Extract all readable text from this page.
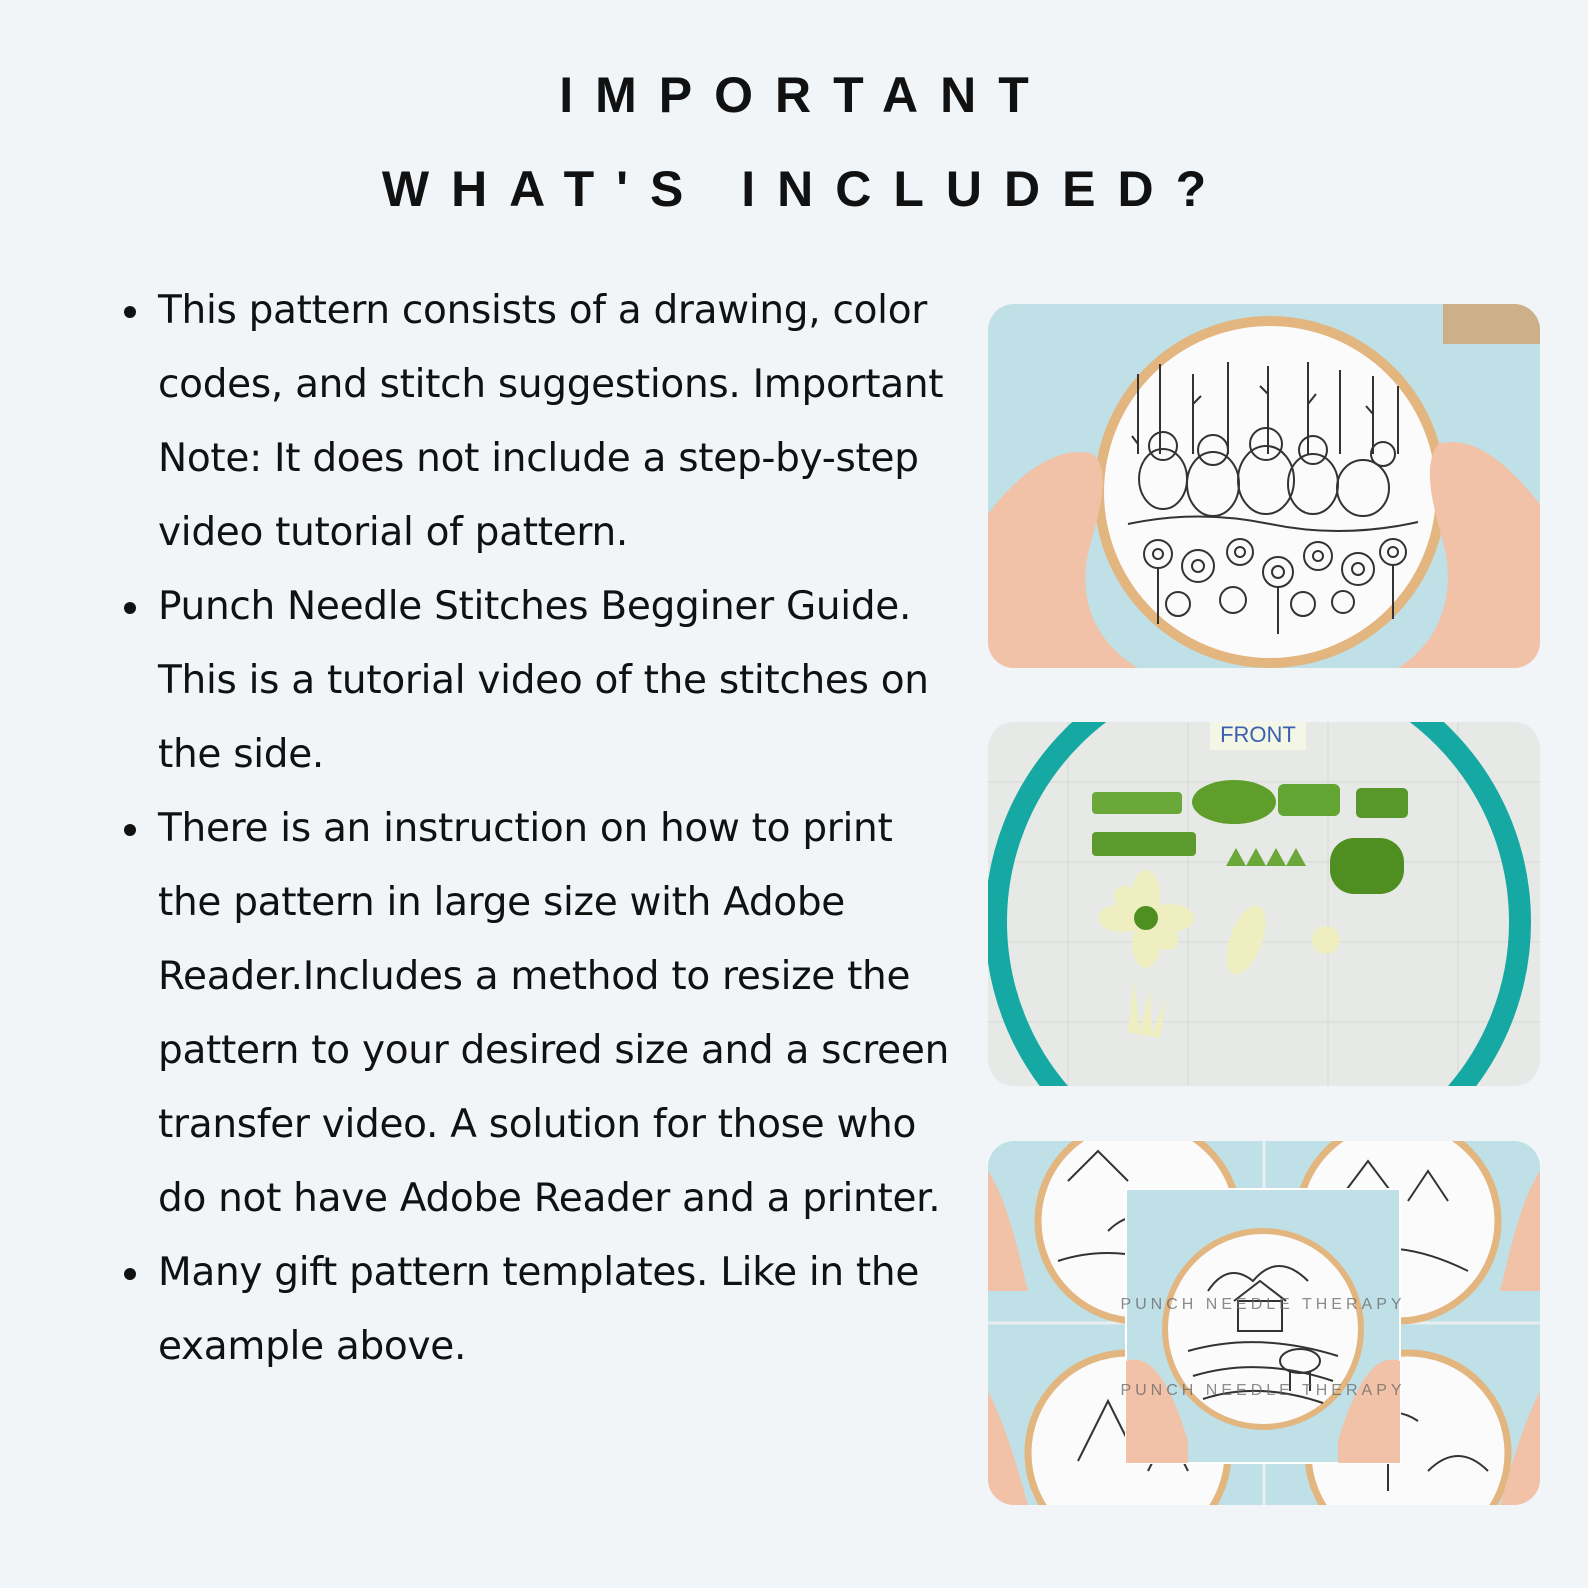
IMPORTANT
WHAT'S INCLUDED?
This pattern consists of a drawing, color codes, and stitch suggestions. Important Note: It does not include a step-by-step video tutorial of pattern.
Punch Needle Stitches Begginer Guide. This is a tutorial video of the stitches on the side.
There is an instruction on how to print the pattern in large size with Adobe Reader.Includes a method to resize the pattern to your desired size and a screen transfer video. A solution for those who do not have Adobe Reader and a printer.
Many gift pattern templates. Like in the example above.
FRONT
PUNCH NEEDLE THERAPY
PUNCH NEEDLE THERAPY
